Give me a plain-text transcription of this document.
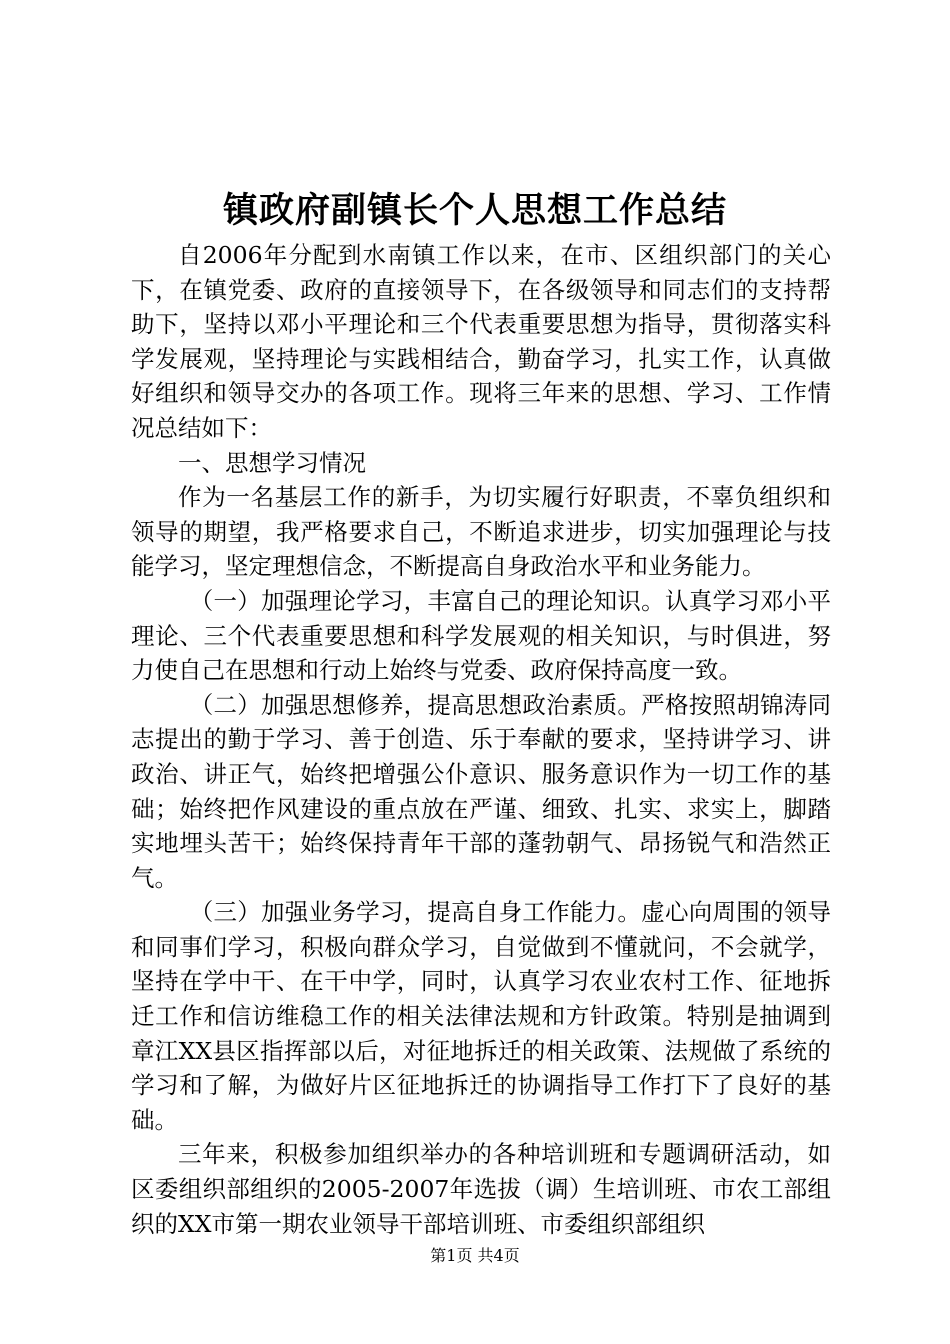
镇政府副镇长个人思想工作总结

自2006年分配到水南镇工作以来，在市、区组织部门的关心下，在镇党委、政府的直接领导下，在各级领导和同志们的支持帮助下，坚持以邓小平理论和三个代表重要思想为指导，贯彻落实科学发展观，坚持理论与实践相结合，勤奋学习，扎实工作，认真做好组织和领导交办的各项工作。现将三年来的思想、学习、工作情况总结如下：

一、思想学习情况

作为一名基层工作的新手，为切实履行好职责，不辜负组织和领导的期望，我严格要求自己，不断追求进步，切实加强理论与技能学习，坚定理想信念，不断提高自身政治水平和业务能力。

（一）加强理论学习，丰富自己的理论知识。认真学习邓小平理论、三个代表重要思想和科学发展观的相关知识，与时俱进，努力使自己在思想和行动上始终与党委、政府保持高度一致。

（二）加强思想修养，提高思想政治素质。严格按照胡锦涛同志提出的勤于学习、善于创造、乐于奉献的要求，坚持讲学习、讲政治、讲正气，始终把增强公仆意识、服务意识作为一切工作的基础；始终把作风建设的重点放在严谨、细致、扎实、求实上，脚踏实地埋头苦干；始终保持青年干部的蓬勃朝气、昂扬锐气和浩然正气。

（三）加强业务学习，提高自身工作能力。虚心向周围的领导和同事们学习，积极向群众学习，自觉做到不懂就问，不会就学，坚持在学中干、在干中学，同时，认真学习农业农村工作、征地拆迁工作和信访维稳工作的相关法律法规和方针政策。特别是抽调到章江XX县区指挥部以后，对征地拆迁的相关政策、法规做了系统的学习和了解，为做好片区征地拆迁的协调指导工作打下了良好的基础。

三年来，积极参加组织举办的各种培训班和专题调研活动，如区委组织部组织的2005-2007年选拔（调）生培训班、市农工部组织的XX市第一期农业领导干部培训班、市委组织部组织

第1页 共4页
